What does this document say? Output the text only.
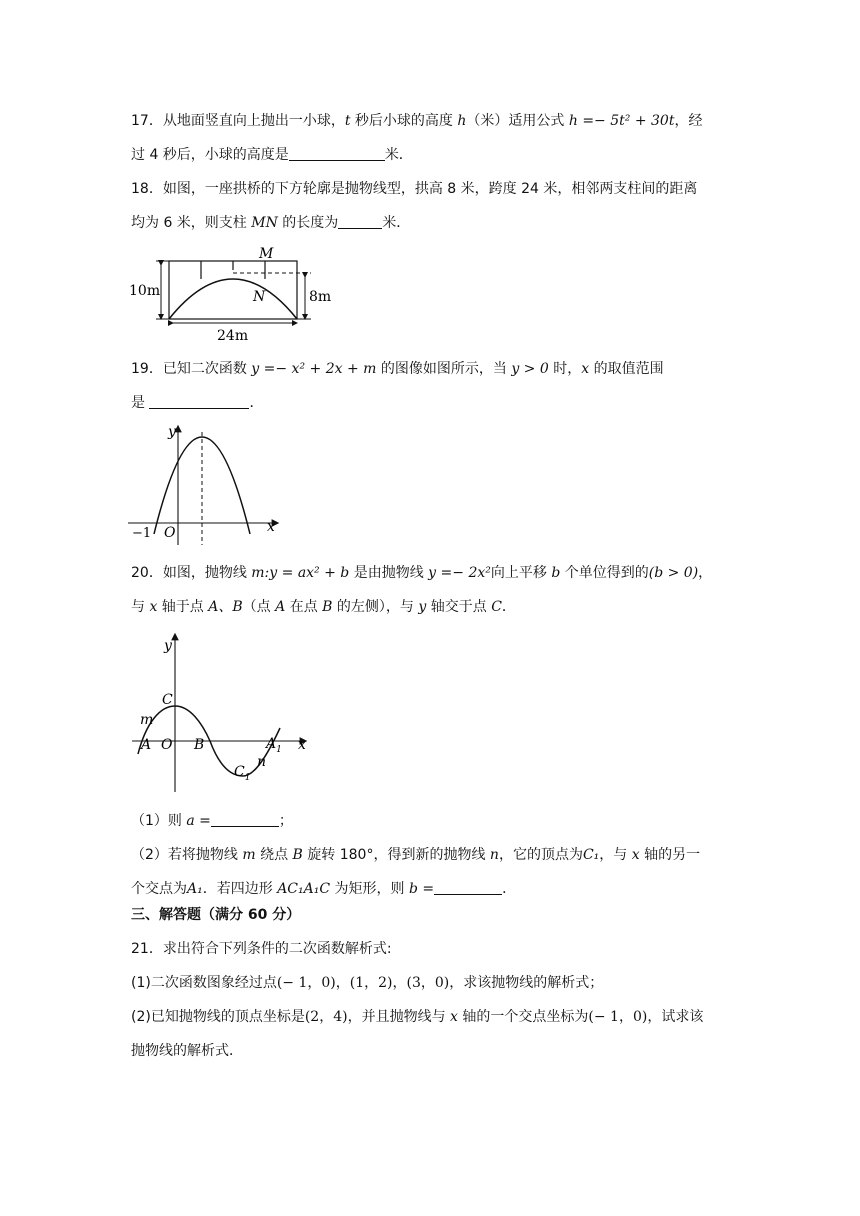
17．从地面竖直向上抛出一小球，t 秒后小球的高度 h（米）适用公式 h =− 5t² + 30t，经
过 4 秒后，小球的高度是	米．
18．如图，一座拱桥的下方轮廓是抛物线型，拱高 8 米，跨度 24 米，相邻两支柱间的距离
均为 6 米，则支柱 MN 的长度为	米．
M
N
10m	8m
24m
19．已知二次函数 y =− x² + 2x + m 的图像如图所示，当 y > 0 时，x 的取值范围
是	．
y
x
O
−1
20．如图，抛物线 m:y = ax² + b 是由抛物线 y =− 2x²向上平移 b 个单位得到的(b > 0)，
与 x 轴于点 A、B（点 A 在点 B 的左侧），与 y 轴交于点 C．
y
x
C
m
A O B	$A_1$
$C_1$
n
（1）则 a =	；
（2）若将抛物线 m 绕点 B 旋转 180°，得到新的抛物线 n，它的顶点为C₁，与 x 轴的另一
个交点为A₁．若四边形 AC₁A₁C 为矩形，则 b =	．
三、解答题（满分 60 分）
21．求出符合下列条件的二次函数解析式:
(1)二次函数图象经过点(− 1，0)，(1，2)，(3，0)，求该抛物线的解析式；
(2)已知抛物线的顶点坐标是(2，4)，并且抛物线与 x 轴的一个交点坐标为(− 1，0)，试求该
抛物线的解析式．
